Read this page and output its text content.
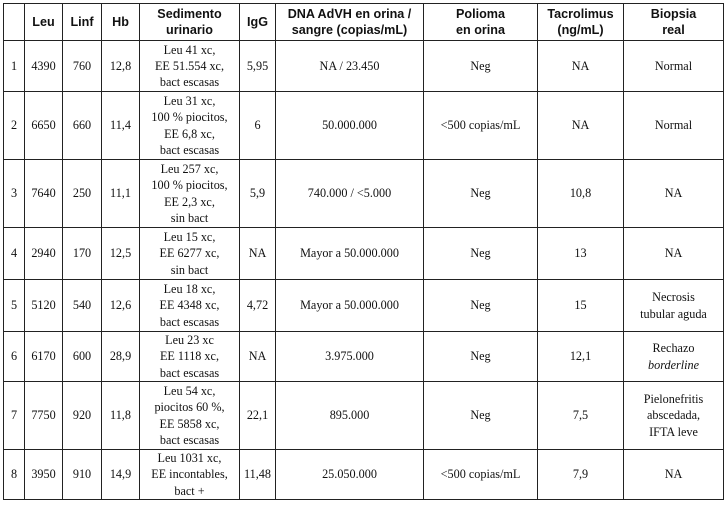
	Leu	Linf	Hb	Sedimento
urinario	IgG	DNA AdVH en orina /
sangre (copias/mL)	Polioma
en orina	Tacrolimus
(ng/mL)	Biopsia
real

1	4390	760	12,8	Leu 41 xc,
EE 51.554 xc,
bact escasas	5,95	NA / 23.450	Neg	NA	Normal

2	6650	660	11,4	Leu 31 xc,
100 % piocitos,
EE 6,8 xc,
bact escasas	6	50.000.000	<500 copias/mL	NA	Normal

3	7640	250	11,1	Leu 257 xc,
100 % piocitos,
EE 2,3 xc,
sin bact	5,9	740.000 / <5.000	Neg	10,8	NA

4	2940	170	12,5	Leu 15 xc,
EE 6277 xc,
sin bact	NA	Mayor a 50.000.000	Neg	13	NA

5	5120	540	12,6	Leu 18 xc,
EE 4348 xc,
bact escasas	4,72	Mayor a 50.000.000	Neg	15	Necrosis
tubular aguda

6	6170	600	28,9	Leu 23 xc
EE 1118 xc,
bact escasas	NA	3.975.000	Neg	12,1	Rechazo
borderline

7	7750	920	11,8	Leu 54 xc,
piocitos 60 %,
EE 5858 xc,
bact escasas	22,1	895.000	Neg	7,5	Pielonefritis
abscedada,
IFTA leve

8	3950	910	14,9	Leu 1031 xc,
EE incontables,
bact +	11,48	25.050.000	<500 copias/mL	7,9	NA
